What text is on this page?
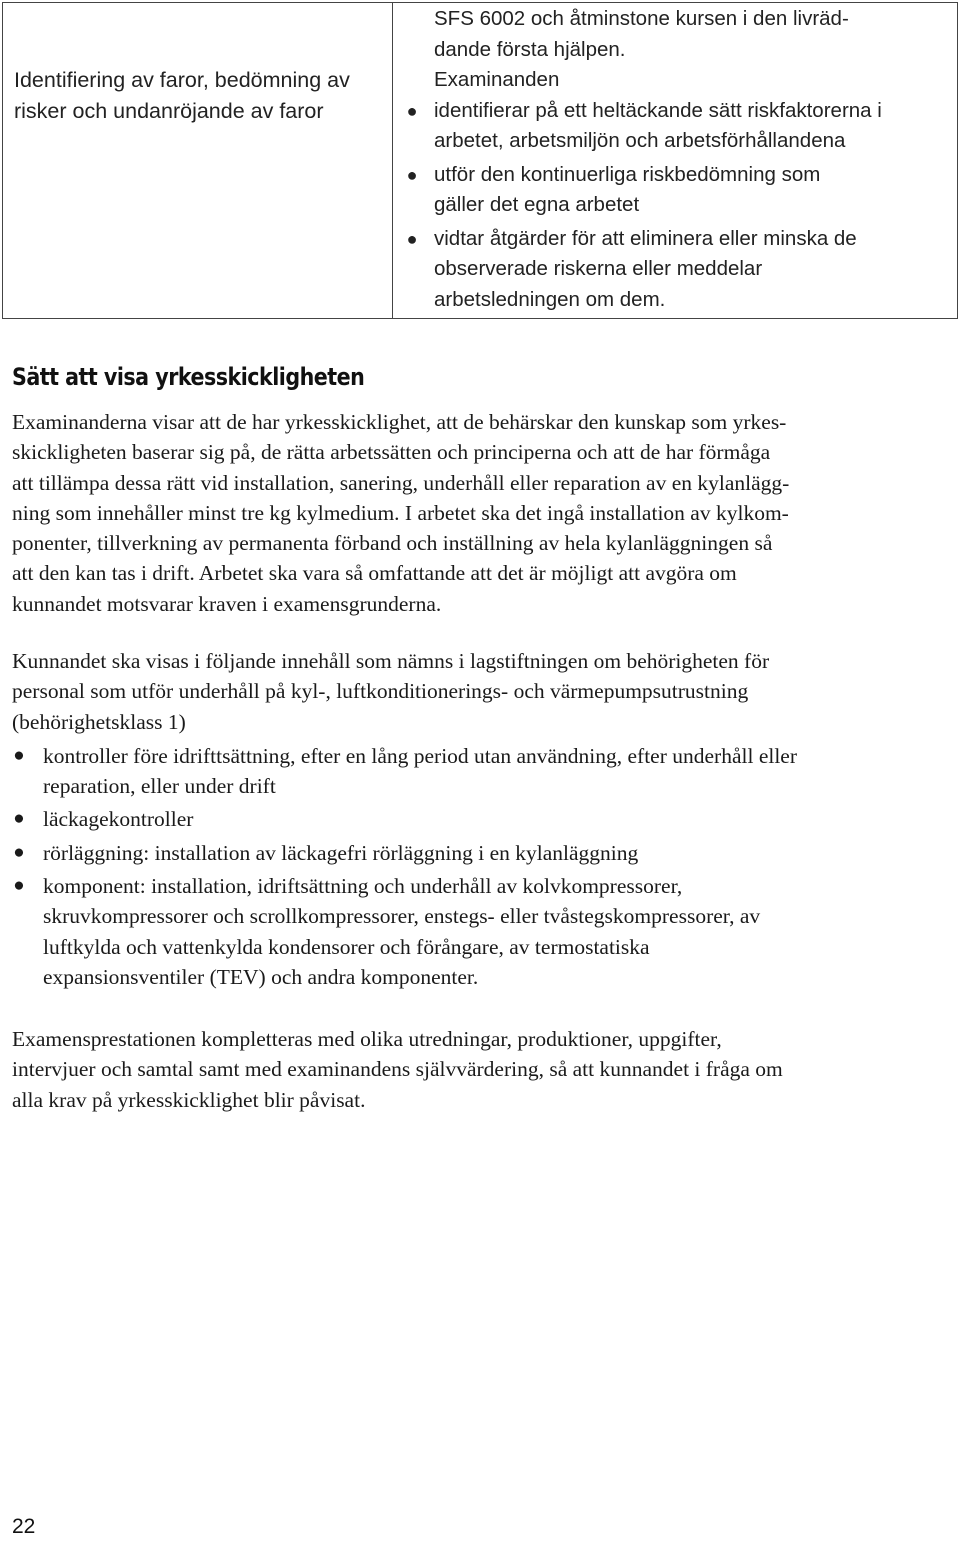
Identifiering av faror, bedömning av risker och undanröjande av faror

SFS 6002 och åtminstone kursen i den livräd-
dande första hjälpen.

Examinanden

● identifierar på ett heltäckande sätt riskfaktorerna i
arbetet, arbetsmiljön och arbetsförhållandena
● utför den kontinuerliga riskbedömning som
gäller det egna arbetet
● vidtar åtgärder för att eliminera eller minska de
observerade riskerna eller meddelar
arbetsledningen om dem.
Sätt att visa yrkesskickligheten

Examinanderna visar att de har yrkesskicklighet, att de behärskar den kunskap som yrkes-
skickligheten baserar sig på, de rätta arbetssätten och principerna och att de har förmåga
att tillämpa dessa rätt vid installation, sanering, underhåll eller reparation av en kylanlägg-
ning som innehåller minst tre kg kylmedium. I arbetet ska det ingå installation av kylkom-
ponenter, tillverkning av permanenta förband och inställning av hela kylanläggningen så
att den kan tas i drift. Arbetet ska vara så omfattande att det är möjligt att avgöra om
kunnandet motsvarar kraven i examensgrunderna.

Kunnandet ska visas i följande innehåll som nämns i lagstiftningen om behörigheten för
personal som utför underhåll på kyl-, luftkonditionerings- och värmepumpsutrustning
(behörighetsklass 1)

● kontroller före idrifttsättning, efter en lång period utan användning, efter underhåll eller
reparation, eller under drift
● läckagekontroller
● rörläggning: installation av läckagefri rörläggning i en kylanläggning
● komponent: installation, idriftsättning och underhåll av kolvkompressorer,
skruvkompressorer och scrollkompressorer, enstegs- eller tvåstegskompressorer, av
luftkylda och vattenkylda kondensorer och förångare, av termostatiska
expansionsventiler (TEV) och andra komponenter.

Examensprestationen kompletteras med olika utredningar, produktioner, uppgifter,
intervjuer och samtal samt med examinandens självvärdering, så att kunnandet i fråga om
alla krav på yrkesskicklighet blir påvisat.

22
